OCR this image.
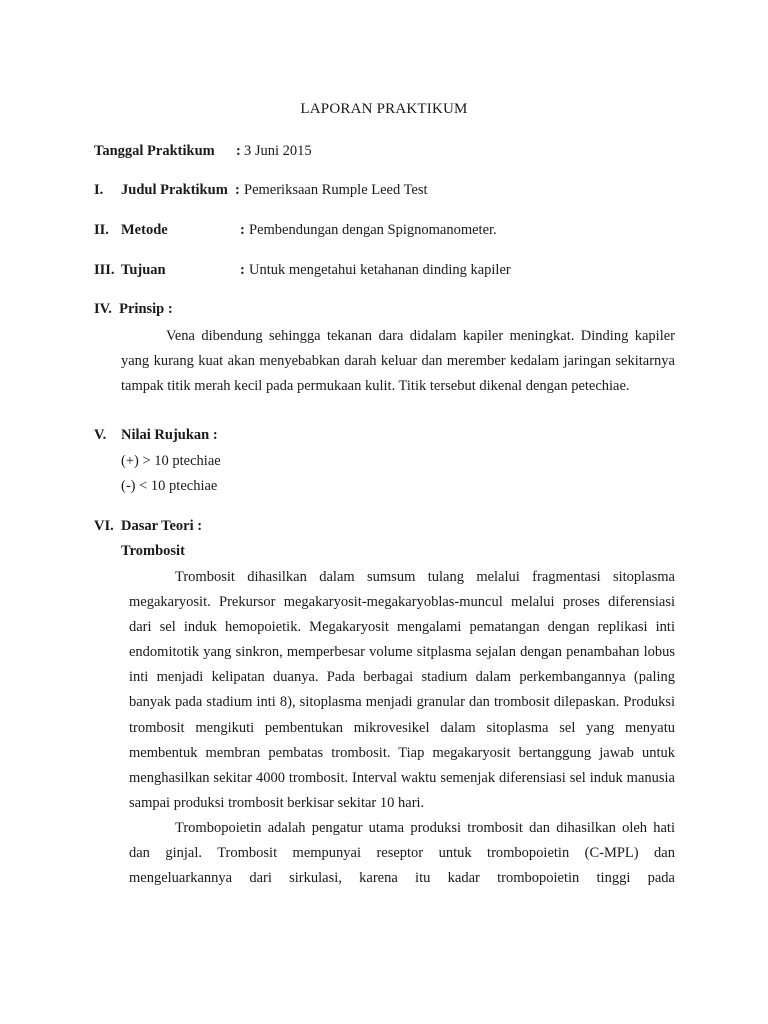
LAPORAN PRAKTIKUM
Tanggal Praktikum : 3 Juni 2015
I. Judul Praktikum : Pemeriksaan Rumple Leed Test
II. Metode	: Pembendungan dengan Spignomanometer.
III. Tujuan	: Untuk mengetahui ketahanan dinding kapiler
IV.  Prinsip :

Vena dibendung sehingga tekanan dara didalam kapiler meningkat. Dinding kapiler yang kurang kuat akan menyebabkan darah keluar dan merember kedalam jaringan sekitarnya tampak titik merah kecil pada permukaan kulit. Titik tersebut dikenal dengan petechiae.

V. Nilai Rujukan :
(+) > 10 ptechiae
(-) < 10 ptechiae
VI. Dasar Teori :
Trombosit

Trombosit dihasilkan dalam sumsum tulang melalui fragmentasi sitoplasma megakaryosit. Prekursor megakaryosit-megakaryoblas-muncul melalui proses diferensiasi dari sel induk hemopoietik. Megakaryosit mengalami pematangan dengan replikasi inti endomitotik yang sinkron, memperbesar volume sitplasma sejalan dengan penambahan lobus inti menjadi kelipatan duanya. Pada berbagai stadium dalam perkembangannya (paling banyak pada stadium inti 8), sitoplasma menjadi granular dan trombosit dilepaskan. Produksi trombosit mengikuti pembentukan mikrovesikel dalam sitoplasma sel yang menyatu membentuk membran pembatas trombosit. Tiap megakaryosit bertanggung jawab untuk menghasilkan sekitar 4000 trombosit. Interval waktu semenjak diferensiasi sel induk manusia sampai produksi trombosit berkisar sekitar 10 hari.

Trombopoietin adalah pengatur utama produksi trombosit dan dihasilkan oleh hati dan ginjal. Trombosit mempunyai reseptor untuk trombopoietin (C-MPL) dan mengeluarkannya dari sirkulasi, karena itu kadar trombopoietin tinggi pada
